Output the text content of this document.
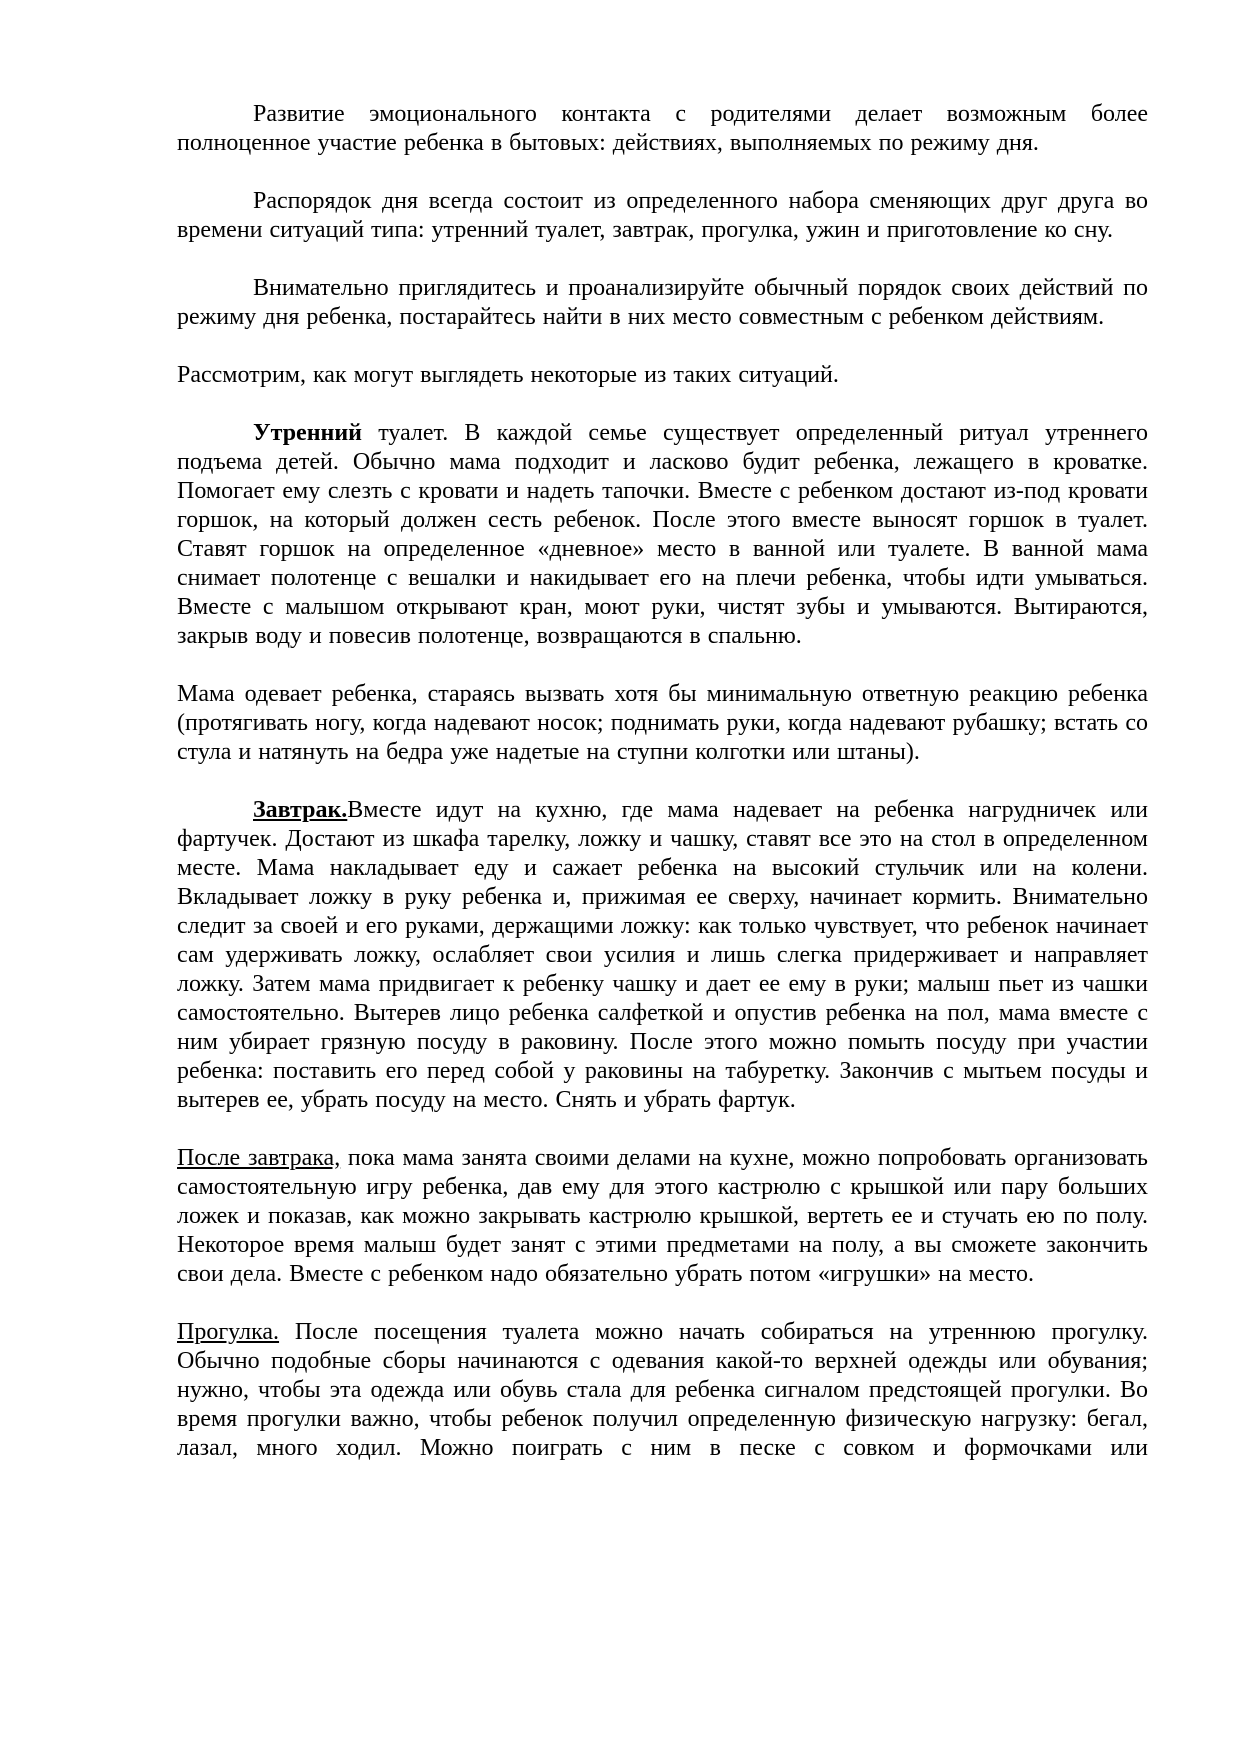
Развитие эмоционального контакта с родителями делает возможным более полноценное участие ребенка в бытовых: действиях, выполняемых по режиму дня.

Распорядок дня всегда состоит из определенного набора сменяющих друг друга во времени ситуаций типа: утренний туалет, завтрак, прогулка, ужин и приготовление ко сну.

Внимательно приглядитесь и проанализируйте обычный порядок своих действий по режиму дня ребенка, постарайтесь найти в них место совместным с ребенком действиям.

Рассмотрим, как могут выглядеть некоторые из таких ситуаций.

Утренний туалет. В каждой семье существует определенный ритуал утреннего подъема детей. Обычно мама подходит и ласково будит ребенка, лежащего в кроватке. Помогает ему слезть с кровати и надеть тапочки. Вместе с ребенком достают из-под кровати горшок, на который должен сесть ребенок. После этого вместе выносят горшок в туалет. Ставят горшок на определенное «дневное» место в ванной или туалете. В ванной мама снимает полотенце с вешалки и накидывает его на плечи ребенка, чтобы идти умываться. Вместе с малышом открывают кран, моют руки, чистят зубы и умываются. Вытираются, закрыв воду и повесив полотенце, возвращаются в спальню.

Мама одевает ребенка, стараясь вызвать хотя бы минимальную ответную реакцию ребенка (протягивать ногу, когда надевают носок; поднимать руки, когда надевают рубашку; встать со стула и натянуть на бедра уже надетые на ступни колготки или штаны).

Завтрак.Вместе идут на кухню, где мама надевает на ребенка нагрудничек или фартучек. Достают из шкафа тарелку, ложку и чашку, ставят все это на стол в определенном месте. Мама накладывает еду и сажает ребенка на высокий стульчик или на колени. Вкладывает ложку в руку ребенка и, прижимая ее сверху, начинает кормить. Внимательно следит за своей и его руками, держащими ложку: как только чувствует, что ребенок начинает сам удерживать ложку, ослабляет свои усилия и лишь слегка придерживает и направляет ложку. Затем мама придвигает к ребенку чашку и дает ее ему в руки; малыш пьет из чашки самостоятельно. Вытерев лицо ребенка салфеткой и опустив ребенка на пол, мама вместе с ним убирает грязную посуду в раковину. После этого можно помыть посуду при участии ребенка: поставить его перед собой у раковины на табуретку. Закончив с мытьем посуды и вытерев ее, убрать посуду на место. Снять и убрать фартук.

После завтрака, пока мама занята своими делами на кухне, можно попробовать организовать самостоятельную игру ребенка, дав ему для этого кастрюлю с крышкой или пару больших ложек и показав, как можно закрывать кастрюлю крышкой, вертеть ее и стучать ею по полу. Некоторое время малыш будет занят с этими предметами на полу, а вы сможете закончить свои дела. Вместе с ребенком надо обязательно убрать потом «игрушки» на место.

Прогулка. После посещения туалета можно начать собираться на утреннюю прогулку. Обычно подобные сборы начинаются с одевания какой-то верхней одежды или обувания; нужно, чтобы эта одежда или обувь стала для ребенка сигналом предстоящей прогулки. Во время прогулки важно, чтобы ребенок получил определенную физическую нагрузку: бегал, лазал, много ходил. Можно поиграть с ним в песке с совком и формочками или
